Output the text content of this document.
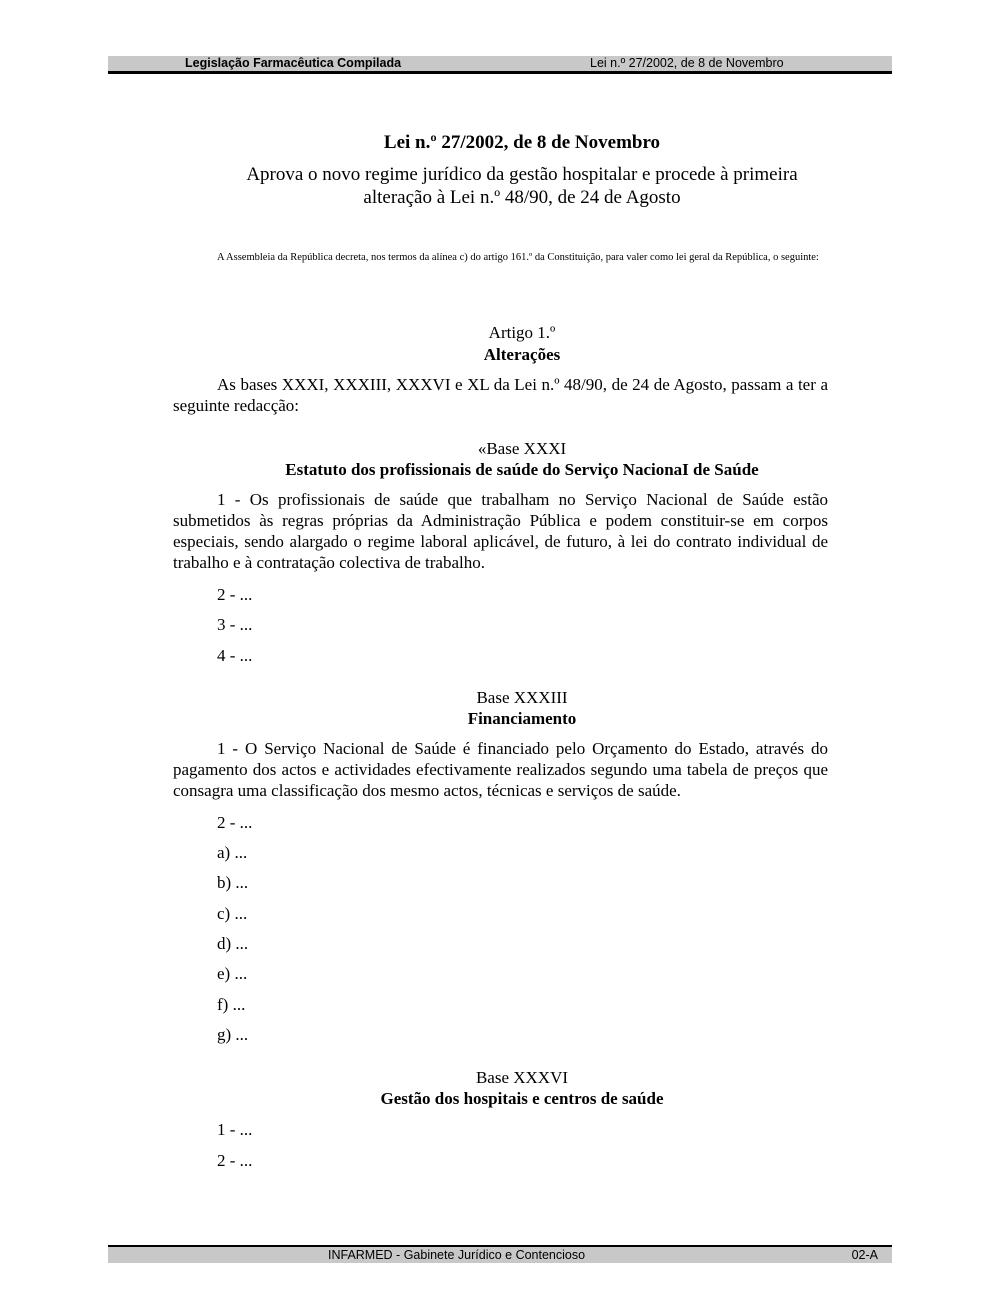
Legislação Farmacêutica Compilada	Lei n.º 27/2002, de 8 de Novembro
Lei n.º 27/2002, de 8 de Novembro
Aprova o novo regime jurídico da gestão hospitalar e procede à primeira alteração à Lei n.º 48/90, de 24 de Agosto
A Assembleia da República decreta, nos termos da alínea c) do artigo 161.º da Constituição, para valer como lei geral da República, o seguinte:
Artigo 1.º
Alterações
As bases XXXI, XXXIII, XXXVI e XL da Lei n.º 48/90, de 24 de Agosto, passam a ter a seguinte redacção:
«Base XXXI
Estatuto dos profissionais de saúde do Serviço NacionaI de Saúde
1 - Os profissionais de saúde que trabalham no Serviço Nacional de Saúde estão submetidos às regras próprias da Administração Pública e podem constituir-se em corpos especiais, sendo alargado o regime laboral aplicável, de futuro, à lei do contrato individual de trabalho e à contratação colectiva de trabalho.
2 - ...
3 - ...
4 - ...
Base XXXIII
Financiamento
1 - O Serviço Nacional de Saúde é financiado pelo Orçamento do Estado, através do pagamento dos actos e actividades efectivamente realizados segundo uma tabela de preços que consagra uma classificação dos mesmo actos, técnicas e serviços de saúde.
2 - ...
a) ...
b) ...
c) ...
d) ...
e) ...
f) ...
g) ...
Base XXXVI
Gestão dos hospitais e centros de saúde
1 - ...
2 - ...
INFARMED - Gabinete Jurídico e Contencioso	02-A
